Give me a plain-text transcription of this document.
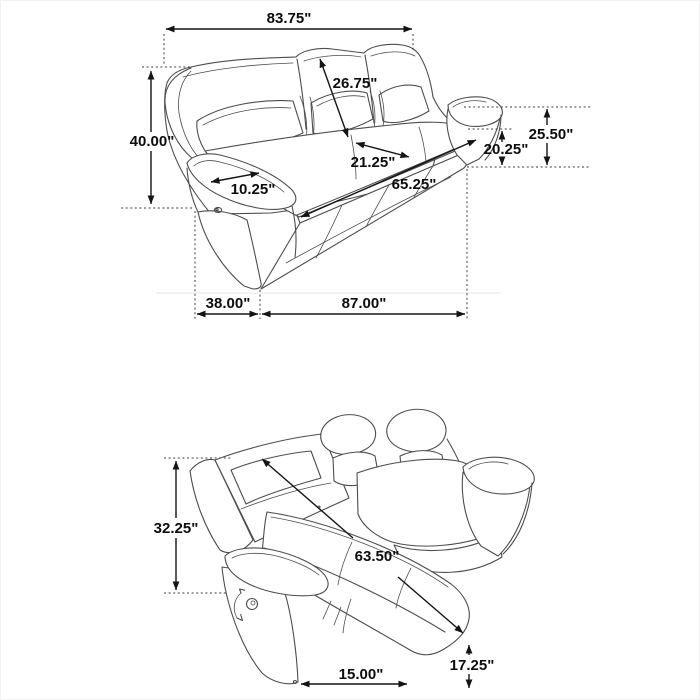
83.75"
40.00"
26.75"
10.25"
21.25"
65.25"
20.25"
25.50"
38.00"	87.00"
32.25"
63.50"
15.00"
17.25"
